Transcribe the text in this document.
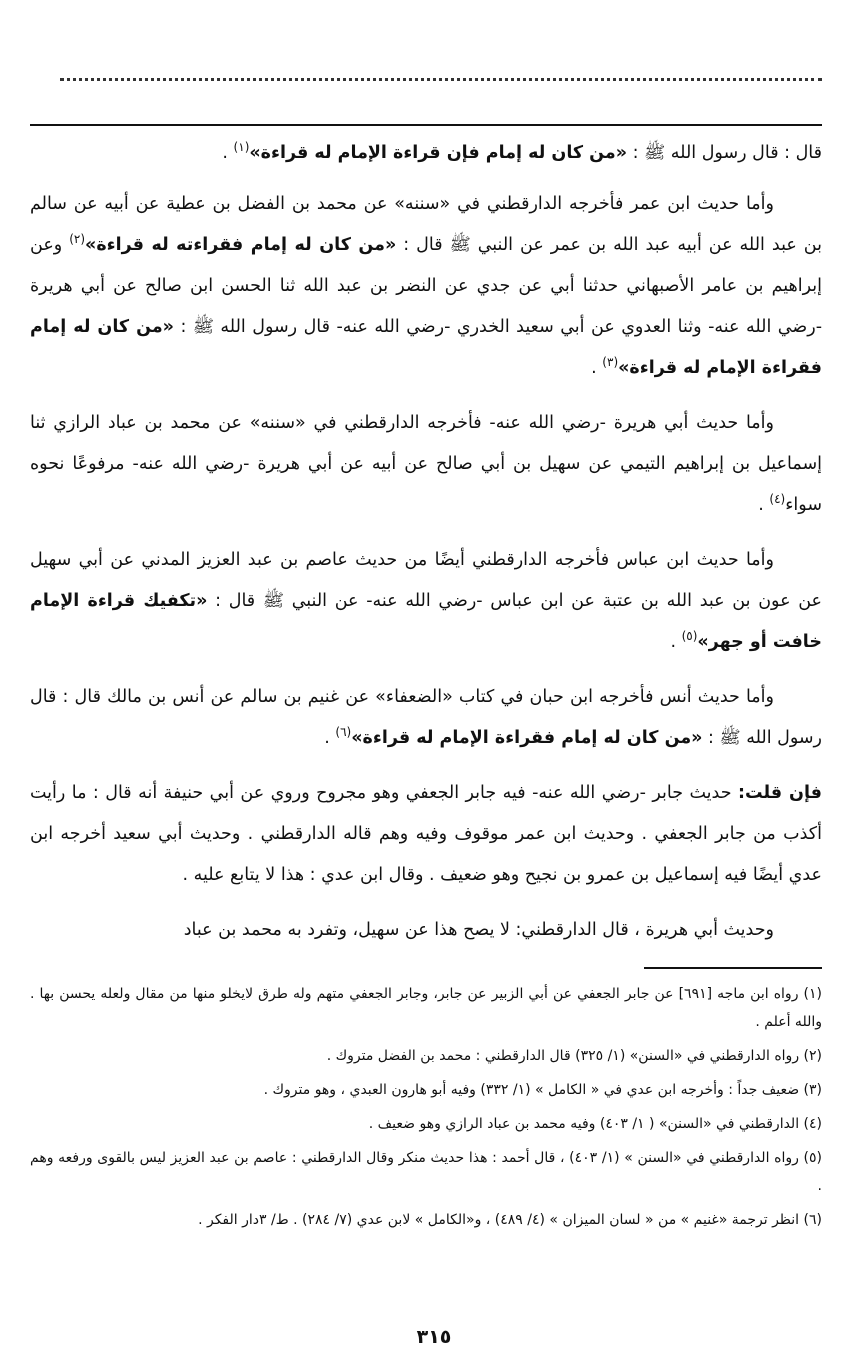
قال : قال رسول الله ﷺ : «من كان له إمام فإن قراءة الإمام له قراءة»$^{(١)}$ .

وأما حديث ابن عمر فأخرجه الدارقطني في «سننه» عن محمد بن الفضل بن عطية عن أبيه عن سالم بن عبد الله عن أبيه عبد الله بن عمر عن النبي ﷺ قال : «من كان له إمام فقراءته له قراءة»$^{(٢)}$ وعن إبراهيم بن عامر الأصبهاني حدثنا أبي عن جدي عن النضر بن عبد الله ثنا الحسن ابن صالح عن أبي هريرة -رضي الله عنه- وثنا العدوي عن أبي سعيد الخدري -رضي الله عنه- قال رسول الله ﷺ : «من كان له إمام فقراءة الإمام له قراءة»$^{(٣)}$ .

وأما حديث أبي هريرة -رضي الله عنه- فأخرجه الدارقطني في «سننه» عن محمد بن عباد الرازي ثنا إسماعيل بن إبراهيم التيمي عن سهيل بن أبي صالح عن أبيه عن أبي هريرة -رضي الله عنه- مرفوعًا نحوه سواء$^{(٤)}$ .

وأما حديث ابن عباس فأخرجه الدارقطني أيضًا من حديث عاصم بن عبد العزيز المدني عن أبي سهيل عن عون بن عبد الله بن عتبة عن ابن عباس -رضي الله عنه- عن النبي ﷺ قال : «تكفيك قراءة الإمام خافت أو جهر»$^{(٥)}$ .

وأما حديث أنس فأخرجه ابن حبان في كتاب «الضعفاء» عن غنيم بن سالم عن أنس بن مالك قال : قال رسول الله ﷺ : «من كان له إمام فقراءة الإمام له قراءة»$^{(٦)}$ .

فإن قلت: حديث جابر -رضي الله عنه- فيه جابر الجعفي وهو مجروح وروي عن أبي حنيفة أنه قال : ما رأيت أكذب من جابر الجعفي . وحديث ابن عمر موقوف وفيه وهم قاله الدارقطني . وحديث أبي سعيد أخرجه ابن عدي أيضًا فيه إسماعيل بن عمرو بن نجيح وهو ضعيف . وقال ابن عدي : هذا لا يتابع عليه .

وحديث أبي هريرة ، قال الدارقطني: لا يصح هذا عن سهيل، وتفرد به محمد بن عباد

(١) رواه ابن ماجه [٦٩١] عن جابر الجعفي عن أبي الزبير عن جابر، وجابر الجعفي متهم وله طرق لايخلو منها من مقال ولعله يحسن بها . والله أعلم .

(٢) رواه الدارقطني في «السنن» (١/ ٣٢٥) قال الدارقطني : محمد بن الفضل متروك .

(٣) ضعيف جداً : وأخرجه ابن عدي في « الكامل » (١/ ٣٣٢) وفيه أبو هارون العبدي ، وهو متروك .

(٤) الدارقطني في «السنن» ( ١/ ٤٠٣) وفيه محمد بن عباد الرازي وهو ضعيف .

(٥) رواه الدارقطني في «السنن » (١/ ٤٠٣) ، قال أحمد : هذا حديث منكر وقال الدارقطني : عاصم بن عبد العزيز ليس بالقوى ورفعه وهم .

(٦) انظر ترجمة «غنيم » من « لسان الميزان » (٤/ ٤٨٩) ، و«الكامل » لابن عدي (٧/ ٢٨٤) . ط/ ٣دار الفكر .

٣١٥
